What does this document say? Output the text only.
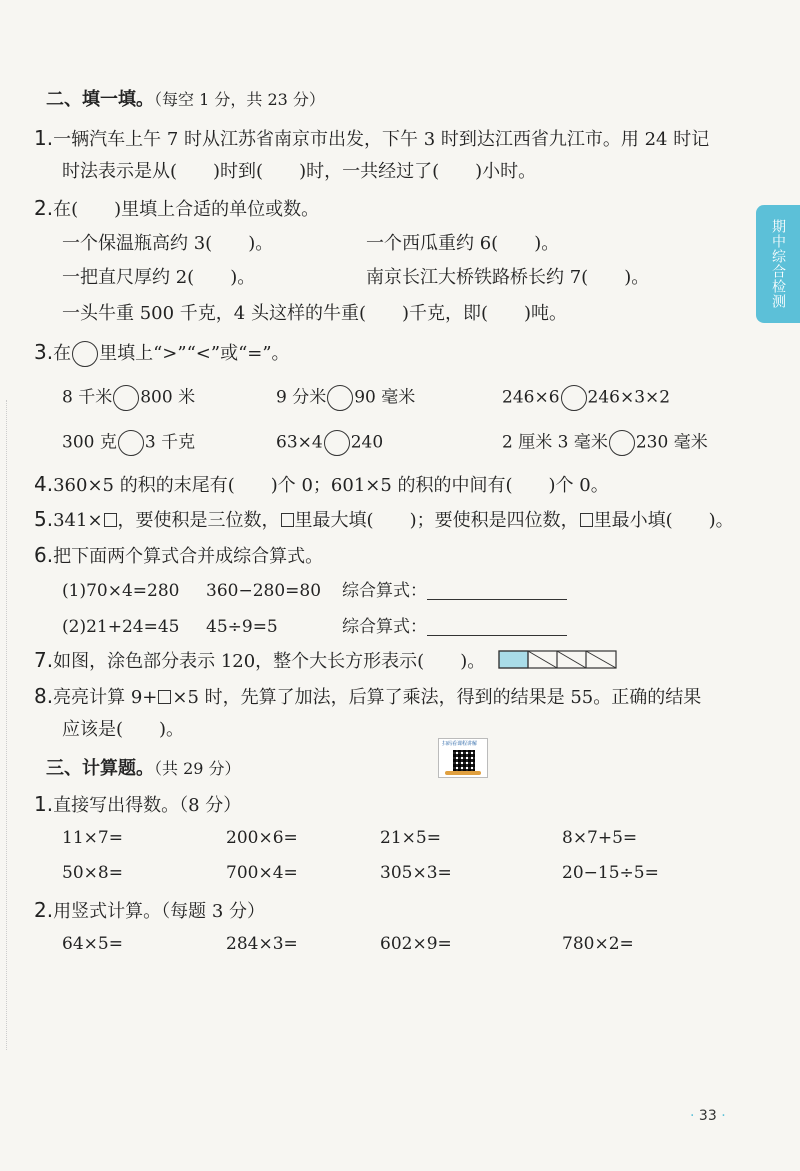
期中综合检测
二、填一填。（每空 1 分，共 23 分）
1.一辆汽车上午 7 时从江苏省南京市出发，下午 3 时到达江西省九江市。用 24 时记
时法表示是从(　　)时到(　　)时，一共经过了(　　)小时。
2.在(　　)里填上合适的单位或数。
一个保温瓶高约 3(　　)。	一个西瓜重约 6(　　)。
一把直尺厚约 2(　　)。	南京长江大桥铁路桥长约 7(　　)。
一头牛重 500 千克，4 头这样的牛重(　　)千克，即(　　)吨。
3.在 里填上“>”“<”或“=”。
8 千米 800 米	9 分米 90 毫米	246×6 246×3×2
300 克 3 千克	63×4 240	2 厘米 3 毫米 230 毫米
4.360×5 的积的末尾有(　　)个 0；601×5 的积的中间有(　　)个 0。
5.341× ，要使积是三位数， 里最大填(　　)；要使积是四位数， 里最小填(　　)。
6.把下面两个算式合并成综合算式。
(1)70×4=280 360−280=80 综合算式：
(2)21+24=45 45÷9=5	综合算式：
7.如图，涂色部分表示 120，整个大长方形表示(　　)。
8.亮亮计算 9+ ×5 时，先算了加法，后算了乘法，得到的结果是 55。正确的结果
应该是(　　)。
扫码看课程讲解
三、计算题。（共 29 分）
1.直接写出得数。（8 分）
11×7=	200×6=	21×5=	8×7+5=
50×8=	700×4=	305×3=	20−15÷5=
2.用竖式计算。（每题 3 分）
64×5=	284×3=	602×9=	780×2=
· 33 ·
